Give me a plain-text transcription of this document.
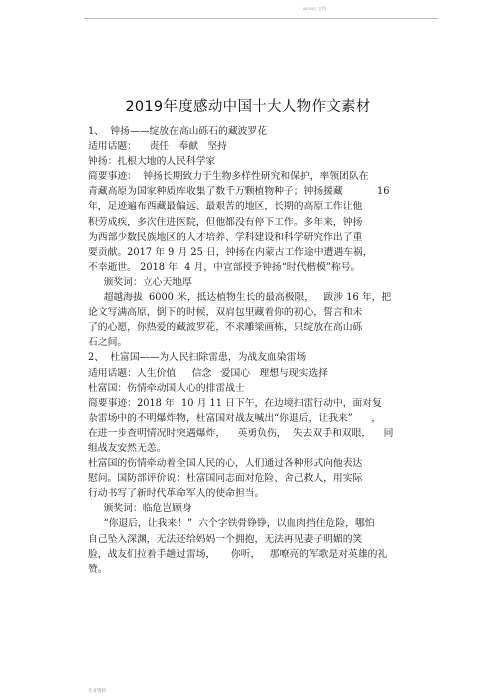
WORD 文档
2019年度感动中国十大人物作文素材
1、  钟扬——绽放在高山砾石的藏波罗花
适用话题：    责任   奉献   坚持
钟扬：扎根大地的人民科学家
简要事迹：  钟扬长期致力于生物多样性研究和保护，率领团队在
青藏高原为国家种质库收集了数千万颗植物种子；钟扬援藏           16
年，足迹遍布西藏最偏远、最艰苦的地区，长期的高原工作让他
积劳成疾，多次住进医院，但他都没有停下工作。多年来，钟扬
为西部少数民族地区的人才培养、学科建设和科学研究作出了重
要贡献。2017 年 9 月 25 日，钟扬在内蒙古工作途中遭遇车祸，
不幸逝世。 2018 年  4 月，中宣部授予钟扬“时代楷模”称号。
颁奖词：立心天地厚
超越海拔  6000 米，抵达植物生长的最高极限，   跋涉 16 年，把
论文写满高原，倒下的时候，双肩包里藏着你的初心，誓言和未
了的心愿，你热爱的藏波罗花，不求雕梁画栋，只绽放在高山砾
石之间。
2、  杜富国——为人民扫除雷患，为战友血染雷场
适用话题：人生价值     信念   爱国心   理想与现实选择
杜富国：伤情牵动国人心的排雷战士
简要事迹：2018 年  10 月 11 日下午，在边境扫雷行动中，面对复
杂雷场中的不明爆炸物，杜富国对战友喊出“你退后，让我来”      ，
在进一步查明情况时突遇爆炸，    英勇负伤，  失去双手和双眼，    同
组战友安然无恙。
杜富国的伤情牵动着全国人民的心，人们通过各种形式向他表达
慰问。国防部评价说：杜富国同志面对危险、舍己救人，用实际
行动书写了新时代革命军人的使命担当。
颁奖词：临危岂顾身
“你退后，让我来！”  六个字铁骨铮铮，以血肉挡住危险，哪怕
自己坠入深渊，无法还给妈妈一个拥抱，无法再见妻子明媚的笑
脸，战友们拉着手趟过雷场，     你听，   那嘹亮的军歌是对英雄的礼
赞。
专业资料
